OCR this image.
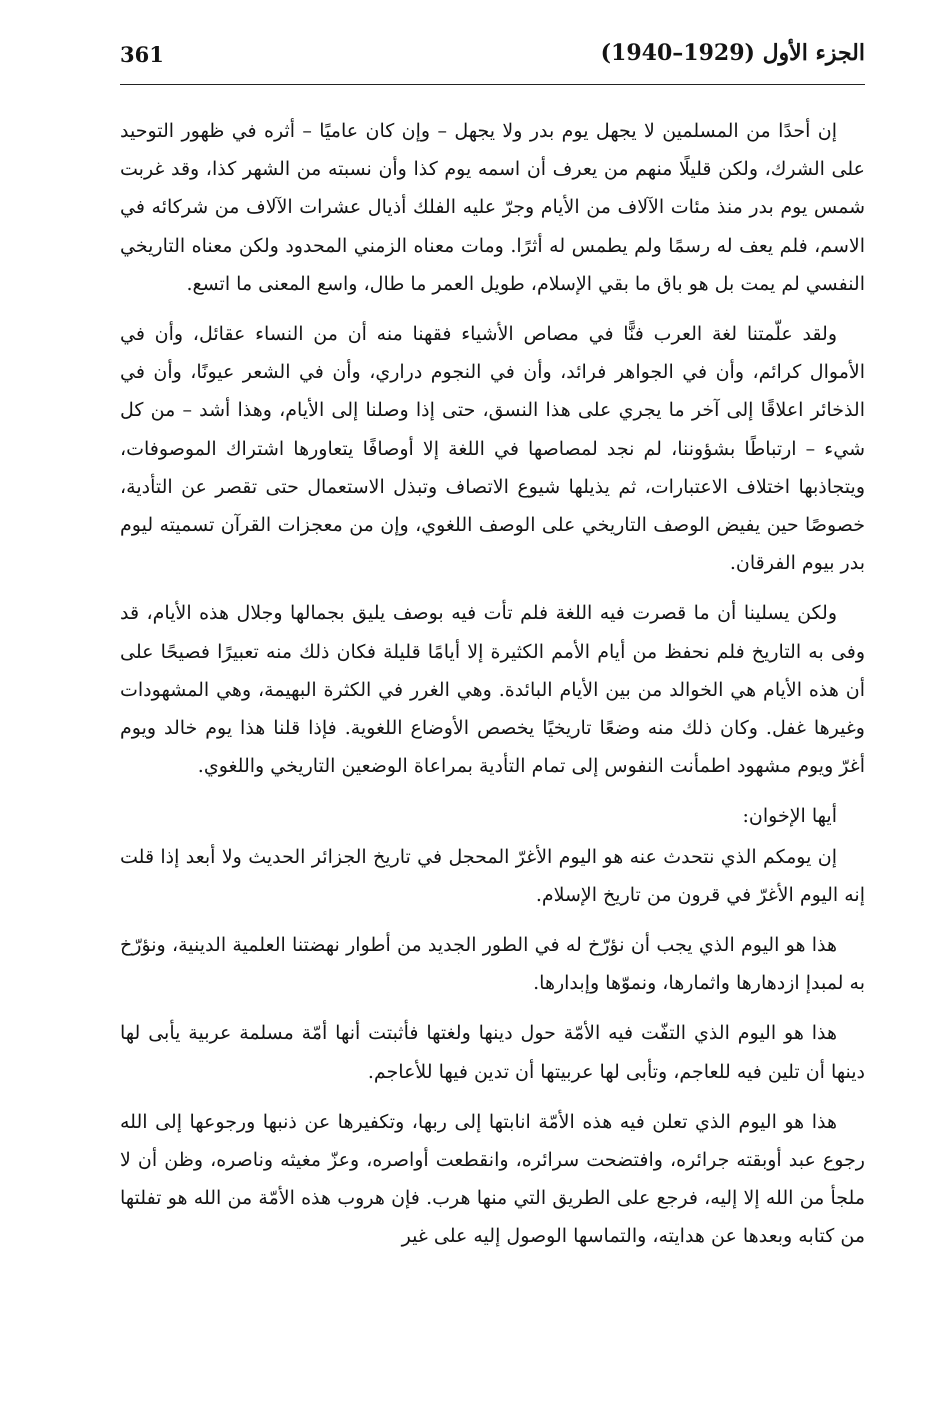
361	الجزء الأول (1929–1940)

إن أحدًا من المسلمين لا يجهل يوم بدر ولا يجهل – وإن كان عاميًا – أثره في ظهور التوحيد على الشرك، ولكن قليلًا منهم من يعرف أن اسمه يوم كذا وأن نسبته من الشهر كذا، وقد غربت شمس يوم بدر منذ مئات الآلاف من الأيام وجرّ عليه الفلك أذيال عشرات الآلاف من شركائه في الاسم، فلم يعف له رسمًا ولم يطمس له أثرًا. ومات معناه الزمني المحدود ولكن معناه التاريخي النفسي لم يمت بل هو باق ما بقي الإسلام، طويل العمر ما طال، واسع المعنى ما اتسع.

ولقد علّمتنا لغة العرب فنًّا في مصاص الأشياء فقهنا منه أن من النساء عقائل، وأن في الأموال كرائم، وأن في الجواهر فرائد، وأن في النجوم دراري، وأن في الشعر عيونًا، وأن في الذخائر اعلاقًا إلى آخر ما يجري على هذا النسق، حتى إذا وصلنا إلى الأيام، وهذا أشد – من كل شيء – ارتباطًا بشؤوننا، لم نجد لمصاصها في اللغة إلا أوصافًا يتعاورها اشتراك الموصوفات، ويتجاذبها اختلاف الاعتبارات، ثم يذيلها شيوع الاتصاف وتبذل الاستعمال حتى تقصر عن التأدية، خصوصًا حين يفيض الوصف التاريخي على الوصف اللغوي، وإن من معجزات القرآن تسميته ليوم بدر بيوم الفرقان.

ولكن يسلينا أن ما قصرت فيه اللغة فلم تأت فيه بوصف يليق بجمالها وجلال هذه الأيام، قد وفى به التاريخ فلم نحفظ من أيام الأمم الكثيرة إلا أيامًا قليلة فكان ذلك منه تعبيرًا فصيحًا على أن هذه الأيام هي الخوالد من بين الأيام البائدة. وهي الغرر في الكثرة البهيمة، وهي المشهودات وغيرها غفل. وكان ذلك منه وضعًا تاريخيًا يخصص الأوضاع اللغوية. فإذا قلنا هذا يوم خالد ويوم أغرّ ويوم مشهود اطمأنت النفوس إلى تمام التأدية بمراعاة الوضعين التاريخي واللغوي.

أيها الإخوان:

إن يومكم الذي نتحدث عنه هو اليوم الأغرّ المحجل في تاريخ الجزائر الحديث ولا أبعد إذا قلت إنه اليوم الأغرّ في قرون من تاريخ الإسلام.

هذا هو اليوم الذي يجب أن نؤرّخ له في الطور الجديد من أطوار نهضتنا العلمية الدينية، ونؤرّخ به لمبدإ ازدهارها واثمارها، ونموّها وإبدارها.

هذا هو اليوم الذي التفّت فيه الأمّة حول دينها ولغتها فأثبتت أنها أمّة مسلمة عربية يأبى لها دينها أن تلين فيه للعاجم، وتأبى لها عربيتها أن تدين فيها للأعاجم.

هذا هو اليوم الذي تعلن فيه هذه الأمّة انابتها إلى ربها، وتكفيرها عن ذنبها ورجوعها إلى الله رجوع عبد أوبقته جرائره، وافتضحت سرائره، وانقطعت أواصره، وعزّ مغيثه وناصره، وظن أن لا ملجأ من الله إلا إليه، فرجع على الطريق التي منها هرب. فإن هروب هذه الأمّة من الله هو تفلتها من كتابه وبعدها عن هدايته، والتماسها الوصول إليه على غير
